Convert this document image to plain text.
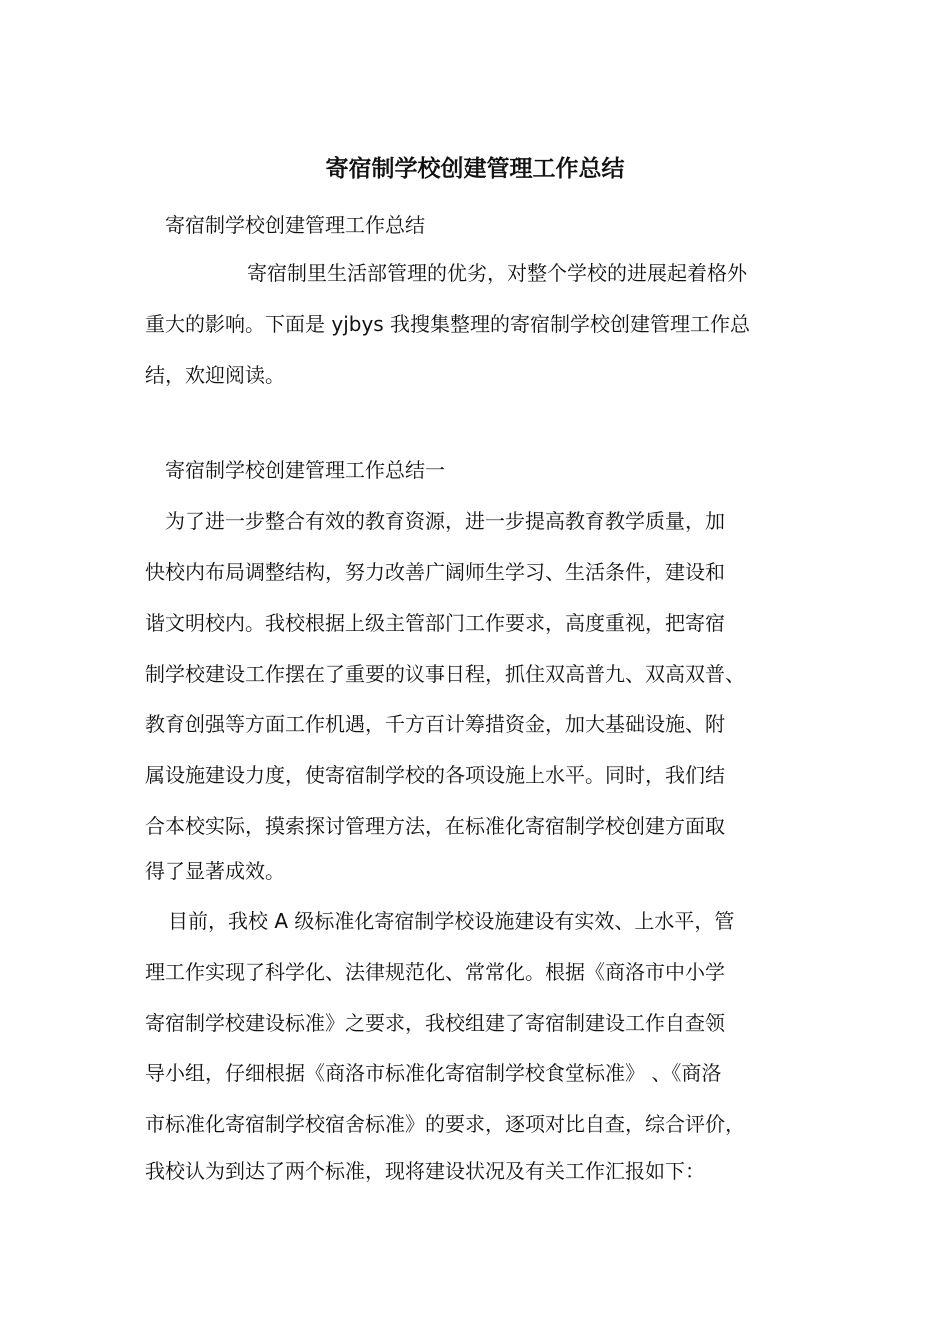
寄宿制学校创建管理工作总结
寄宿制学校创建管理工作总结
寄宿制里生活部管理的优劣，对整个学校的进展起着格外
重大的影响。下面是 yjbys 我搜集整理的寄宿制学校创建管理工作总
结，欢迎阅读。
寄宿制学校创建管理工作总结一
为了进一步整合有效的教育资源，进一步提高教育教学质量，加
快校内布局调整结构，努力改善广阔师生学习、生活条件，建设和
谐文明校内。我校根据上级主管部门工作要求，高度重视，把寄宿
制学校建设工作摆在了重要的议事日程，抓住双高普九、双高双普、
教育创强等方面工作机遇，千方百计筹措资金，加大基础设施、附
属设施建设力度，使寄宿制学校的各项设施上水平。同时，我们结
合本校实际，摸索探讨管理方法，在标准化寄宿制学校创建方面取
得了显著成效。
目前，我校 A 级标准化寄宿制学校设施建设有实效、上水平，管
理工作实现了科学化、法律规范化、常常化。根据《商洛市中小学
寄宿制学校建设标准》之要求，我校组建了寄宿制建设工作自查领
导小组，仔细根据《商洛市标准化寄宿制学校食堂标准》 、《商洛
市标准化寄宿制学校宿舍标准》的要求，逐项对比自查，综合评价，
我校认为到达了两个标准，现将建设状况及有关工作汇报如下：
